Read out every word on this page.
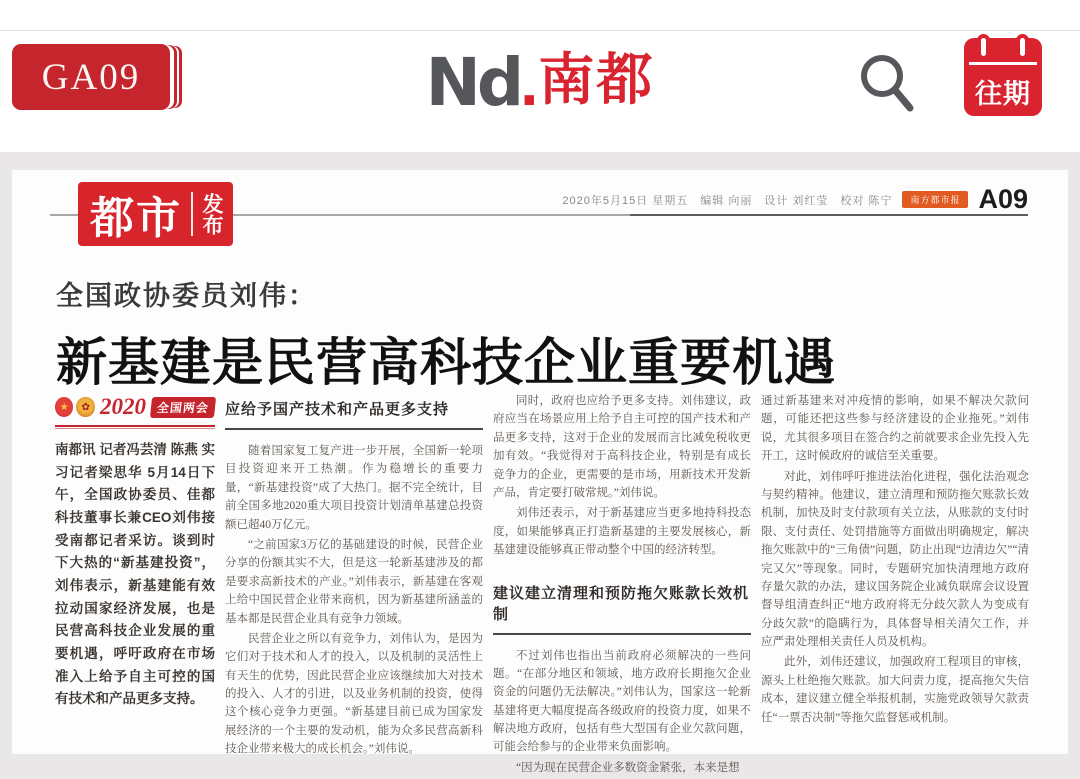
GA09	Nd.南都	往期
都市 发布	2020年5月15日 星期五　编辑 向丽　设计 刘红莹　校对 陈宁	南方都市报 A09
全国政协委员刘伟：
新基建是民营高科技企业重要机遇
★	✿ 2020 全国两会
南都讯 记者冯芸清 陈燕 实习记者梁思华 5月14日下午，全国政协委员、佳都科技董事长兼CEO刘伟接受南都记者采访。谈到时下大热的“新基建投资”，刘伟表示，新基建能有效拉动国家经济发展，也是民营高科技企业发展的重要机遇，呼吁政府在市场准入上给予自主可控的国有技术和产品更多支持。
应给予国产技术和产品更多支持

随着国家复工复产进一步开展，全国新一轮项目投资迎来开工热潮。作为稳增长的重要力量，“新基建投资”成了大热门。据不完全统计，目前全国多地2020重大项目投资计划清单基建总投资额已超40万亿元。

“之前国家3万亿的基础建设的时候，民营企业分享的份额其实不大，但是这一轮新基建涉及的都是要求高新技术的产业。”刘伟表示，新基建在客观上给中国民营企业带来商机，因为新基建所涵盖的基本都是民营企业具有竞争力领域。

民营企业之所以有竞争力，刘伟认为，是因为它们对于技术和人才的投入，以及机制的灵活性上有天生的优势，因此民营企业应该继续加大对技术的投入、人才的引进，以及业务机制的投资，使得这个核心竞争力更强。“新基建目前已成为国家发展经济的一个主要的发动机，能为众多民营高新科技企业带来极大的成长机会。”刘伟说。

同时，政府也应给予更多支持。刘伟建议，政府应当在场景应用上给予自主可控的国产技术和产品更多支持，这对于企业的发展而言比减免税收更加有效。“我觉得对于高科技企业，特别是有成长竞争力的企业，更需要的是市场，用新技术开发新产品，肯定要打破常规。”刘伟说。

刘伟还表示，对于新基建应当更多地持科投态度，如果能够真正打造新基建的主要发展核心，新基建建设能够真正带动整个中国的经济转型。

建议建立清理和预防拖欠账款长效机制

不过刘伟也指出当前政府必须解决的一些问题。“在部分地区和领域，地方政府长期拖欠企业资金的问题仍无法解决。”刘伟认为，国家这一轮新基建将更大幅度提高各级政府的投资力度，如果不解决地方政府，包括有些大型国有企业欠款问题，可能会给参与的企业带来负面影响。

“因为现在民营企业多数资金紧张，本来是想

通过新基建来对冲疫情的影响，如果不解决欠款问题，可能还把这些参与经济建设的企业拖死。”刘伟说，尤其很多项目在签合约之前就要求企业先投入先开工，这时候政府的诚信至关重要。

对此，刘伟呼吁推进法治化进程，强化法治观念与契约精神。他建议，建立清理和预防拖欠账款长效机制，加快及时支付款项有关立法，从账款的支付时限、支付责任、处罚措施等方面做出明确规定，解决拖欠账款中的“三角债”问题，防止出现“边清边欠”“清完又欠”等现象。同时，专题研究加快清理地方政府存量欠款的办法，建议国务院企业减负联席会议设置督导组清查纠正“地方政府将无分歧欠款人为变成有分歧欠款”的隐瞒行为，具体督导相关清欠工作，并应严肃处理相关责任人员及机构。

此外，刘伟还建议，加强政府工程项目的审核，源头上杜绝拖欠账款。加大问责力度，提高拖欠失信成本，建议建立健全举报机制，实施党政领导欠款责任“一票否决制”等拖欠监督惩戒机制。
